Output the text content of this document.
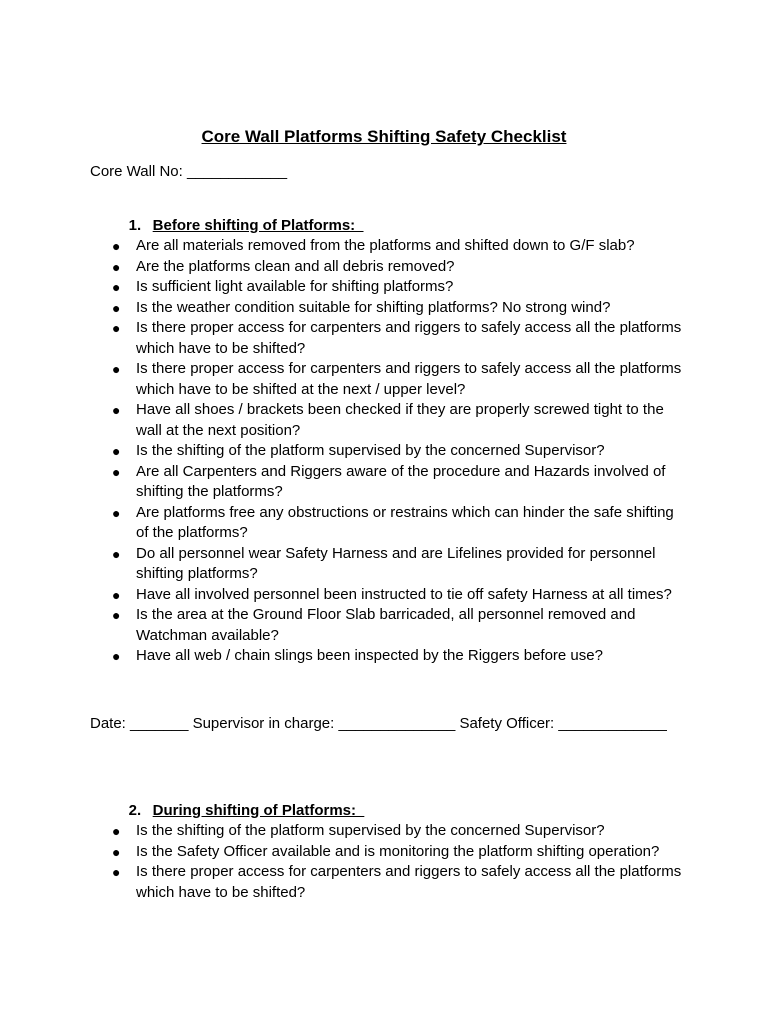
Core Wall Platforms Shifting Safety Checklist
Core Wall No: ____________

1. Before shifting of Platforms:

● Are all materials removed from the platforms and shifted down to G/F slab?
● Are the platforms clean and all debris removed?
● Is sufficient light available for shifting platforms?
● Is the weather condition suitable for shifting platforms? No strong wind?
● Is there proper access for carpenters and riggers to safely access all the platforms which have to be shifted?
● Is there proper access for carpenters and riggers to safely access all the platforms which have to be shifted at the next / upper level?
● Have all shoes / brackets been checked if they are properly screwed tight to the wall at the next position?
● Is the shifting of the platform supervised by the concerned Supervisor?
● Are all Carpenters and Riggers aware of the procedure and Hazards involved of shifting the platforms?
● Are platforms free any obstructions or restrains which can hinder the safe shifting of the platforms?
● Do all personnel wear Safety Harness and are Lifelines provided for personnel shifting platforms?
● Have all involved personnel been instructed to tie off safety Harness at all times?
● Is the area at the Ground Floor Slab barricaded, all personnel removed and Watchman available?
● Have all web / chain slings been inspected by the Riggers before use?
Date: _______ Supervisor in charge: ______________ Safety Officer: _____________

2. During shifting of Platforms:

● Is the shifting of the platform supervised by the concerned Supervisor?
● Is the Safety Officer available and is monitoring the platform shifting operation?
● Is there proper access for carpenters and riggers to safely access all the platforms which have to be shifted?
